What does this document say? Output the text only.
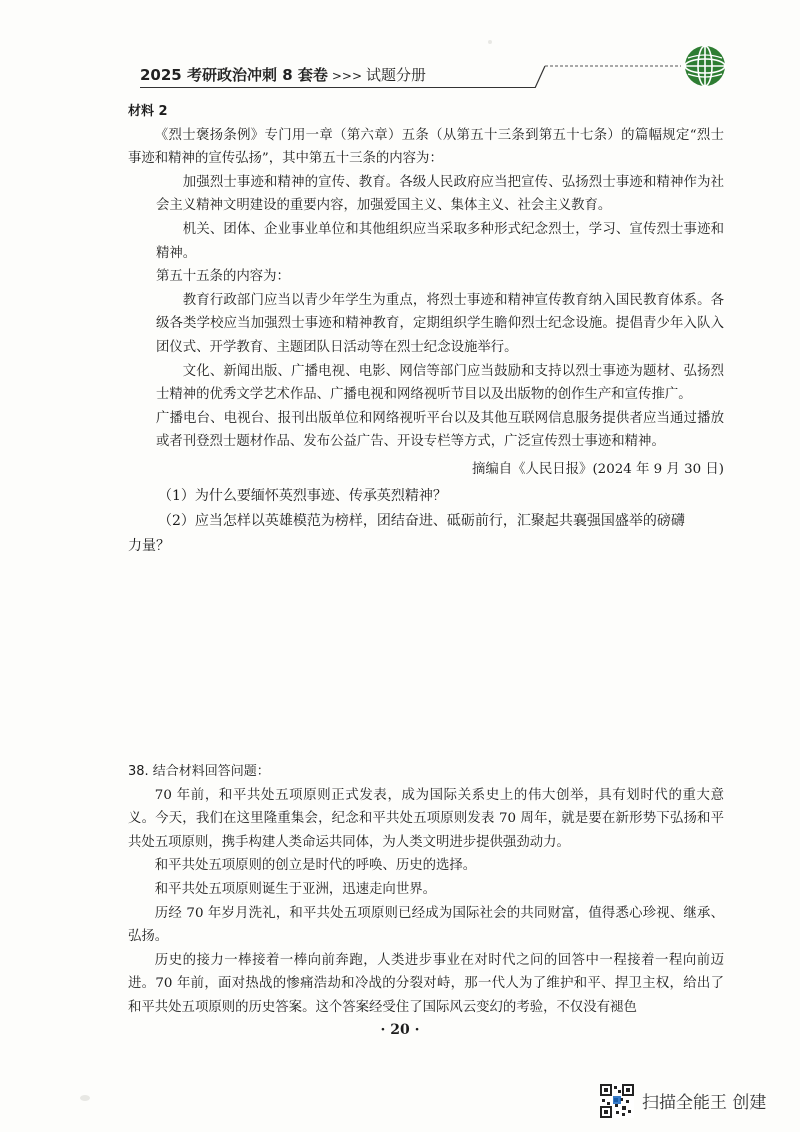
2025 考研政治冲刺 8 套卷 >>> 试题分册

材料 2

《烈士褒扬条例》专门用一章（第六章）五条（从第五十三条到第五十七条）的篇幅规定“烈士事迹和精神的宣传弘扬”，其中第五十三条的内容为：

加强烈士事迹和精神的宣传、教育。各级人民政府应当把宣传、弘扬烈士事迹和精神作为社会主义精神文明建设的重要内容，加强爱国主义、集体主义、社会主义教育。

机关、团体、企业事业单位和其他组织应当采取多种形式纪念烈士，学习、宣传烈士事迹和精神。

第五十五条的内容为：

教育行政部门应当以青少年学生为重点，将烈士事迹和精神宣传教育纳入国民教育体系。各级各类学校应当加强烈士事迹和精神教育，定期组织学生瞻仰烈士纪念设施。提倡青少年入队入团仪式、开学教育、主题团队日活动等在烈士纪念设施举行。

文化、新闻出版、广播电视、电影、网信等部门应当鼓励和支持以烈士事迹为题材、弘扬烈士精神的优秀文学艺术作品、广播电视和网络视听节目以及出版物的创作生产和宣传推广。

广播电台、电视台、报刊出版单位和网络视听平台以及其他互联网信息服务提供者应当通过播放或者刊登烈士题材作品、发布公益广告、开设专栏等方式，广泛宣传烈士事迹和精神。

摘编自《人民日报》(2024 年 9 月 30 日)

（1）为什么要缅怀英烈事迹、传承英烈精神？

（2）应当怎样以英雄模范为榜样，团结奋进、砥砺前行，汇聚起共襄强国盛举的磅礴

力量？

38. 结合材料回答问题：

70 年前，和平共处五项原则正式发表，成为国际关系史上的伟大创举，具有划时代的重大意义。今天，我们在这里隆重集会，纪念和平共处五项原则发表 70 周年，就是要在新形势下弘扬和平共处五项原则，携手构建人类命运共同体，为人类文明进步提供强劲动力。

和平共处五项原则的创立是时代的呼唤、历史的选择。

和平共处五项原则诞生于亚洲，迅速走向世界。

历经 70 年岁月洗礼，和平共处五项原则已经成为国际社会的共同财富，值得悉心珍视、继承、弘扬。

历史的接力一棒接着一棒向前奔跑，人类进步事业在对时代之问的回答中一程接着一程向前迈进。70 年前，面对热战的惨痛浩劫和冷战的分裂对峙，那一代人为了维护和平、捍卫主权，给出了和平共处五项原则的历史答案。这个答案经受住了国际风云变幻的考验，不仅没有褪色

· 20 ·
扫描全能王 创建
